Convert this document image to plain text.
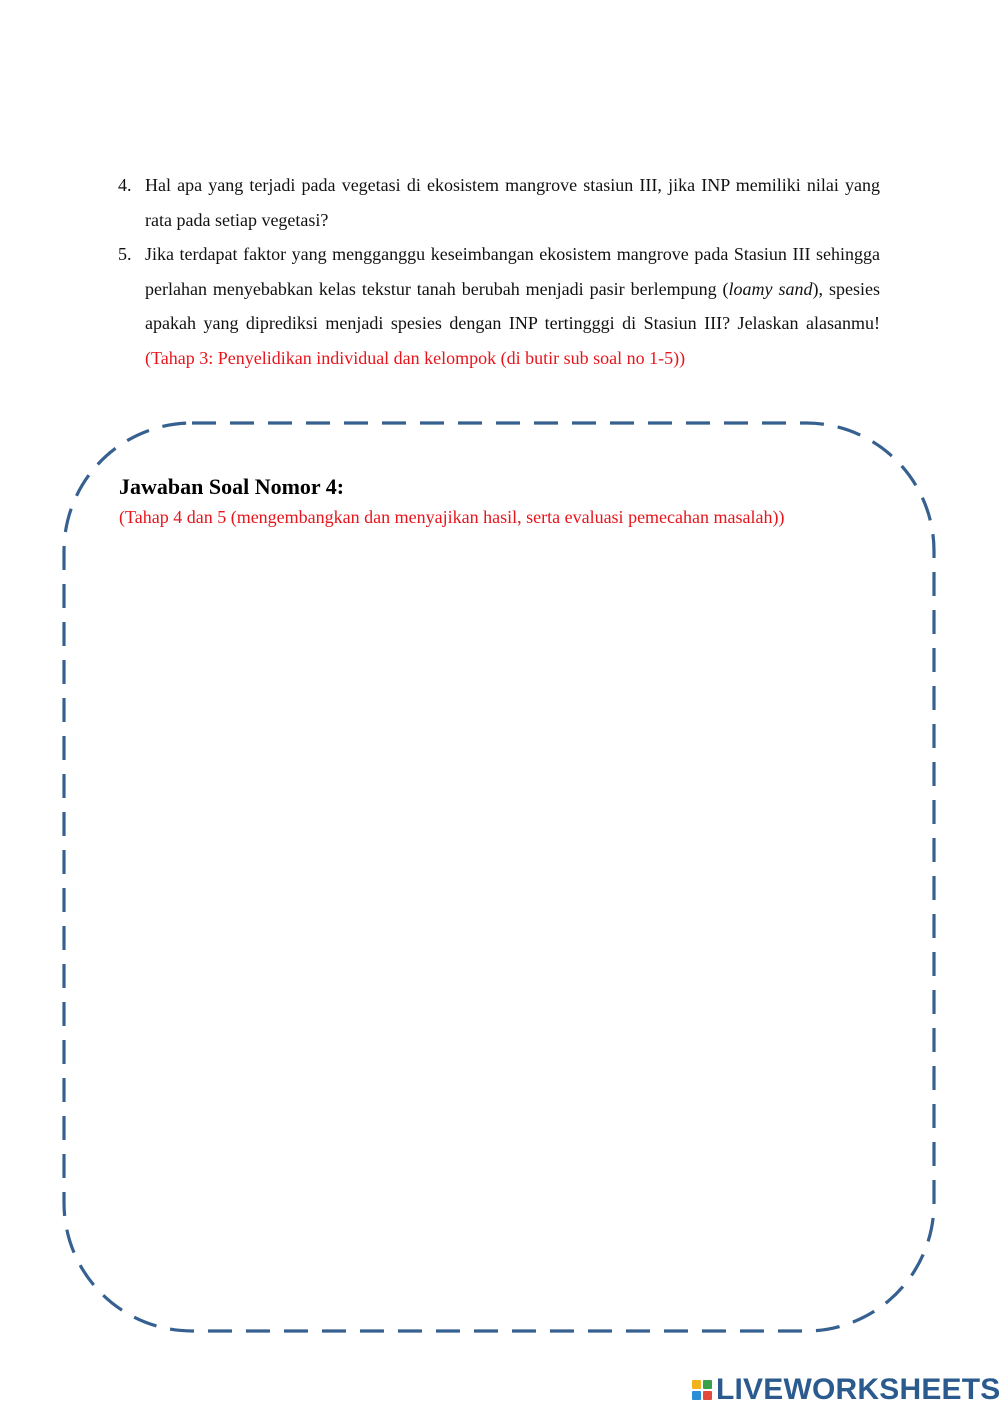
4. Hal apa yang terjadi pada vegetasi di ekosistem mangrove stasiun III, jika INP memiliki nilai yang rata pada setiap vegetasi?
5. Jika terdapat faktor yang mengganggu keseimbangan ekosistem mangrove pada Stasiun III sehingga perlahan menyebabkan kelas tekstur tanah berubah menjadi pasir berlempung (loamy sand), spesies apakah yang diprediksi menjadi spesies dengan INP tertingggi di Stasiun III? Jelaskan alasanmu! (Tahap 3: Penyelidikan individual dan kelompok (di butir sub soal no 1-5))
Jawaban Soal Nomor 4:
(Tahap 4 dan 5 (mengembangkan dan menyajikan hasil, serta evaluasi pemecahan masalah))
LIVEWORKSHEETS
